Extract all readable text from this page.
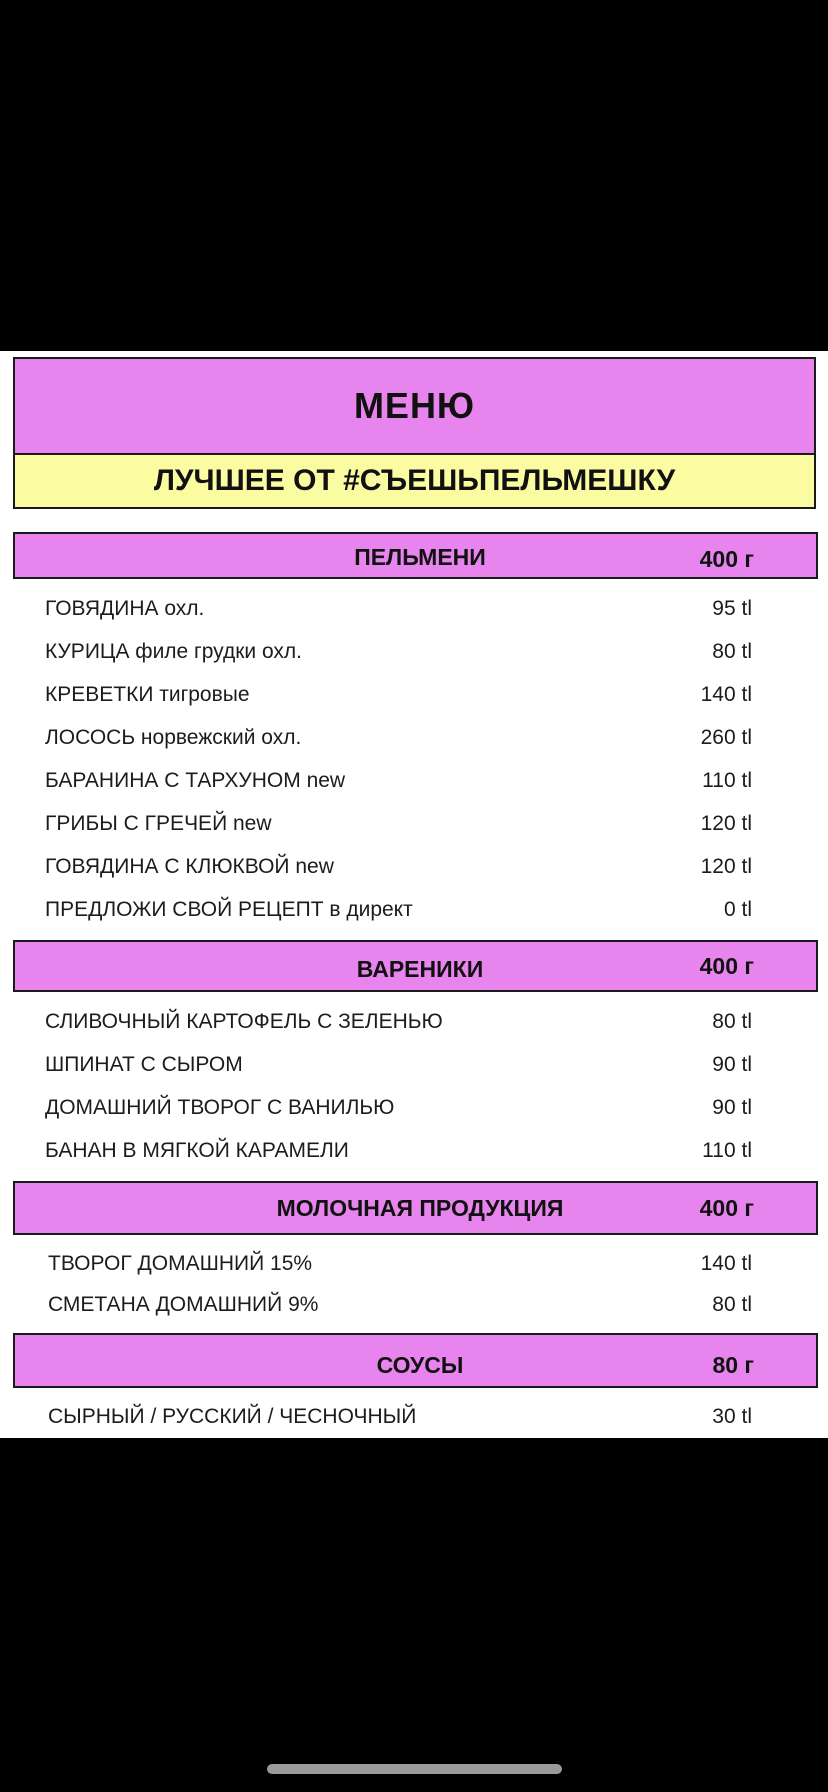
МЕНЮ
ЛУЧШЕЕ ОТ #СЪЕШЬПЕЛЬМЕШКУ
ПЕЛЬМЕНИ	400 г
ГОВЯДИНА охл.	95 tl
КУРИЦА филе грудки охл.	80 tl
КРЕВЕТКИ тигровые	140 tl
ЛОСОСЬ норвежский охл.	260 tl
БАРАНИНА С ТАРХУНОМ new	110 tl
ГРИБЫ С ГРЕЧЕЙ new	120 tl
ГОВЯДИНА С КЛЮКВОЙ new	120 tl
ПРЕДЛОЖИ СВОЙ РЕЦЕПТ в директ	0 tl
ВАРЕНИКИ	400 г
СЛИВОЧНЫЙ КАРТОФЕЛЬ С ЗЕЛЕНЬЮ	80 tl
ШПИНАТ С СЫРОМ	90 tl
ДОМАШНИЙ ТВОРОГ С ВАНИЛЬЮ	90 tl
БАНАН В МЯГКОЙ КАРАМЕЛИ	110 tl
МОЛОЧНАЯ ПРОДУКЦИЯ	400 г
ТВОРОГ ДОМАШНИЙ 15%	140 tl
СМЕТАНА ДОМАШНИЙ 9%	80 tl
СОУСЫ	80 г
СЫРНЫЙ / РУССКИЙ / ЧЕСНОЧНЫЙ	30 tl
